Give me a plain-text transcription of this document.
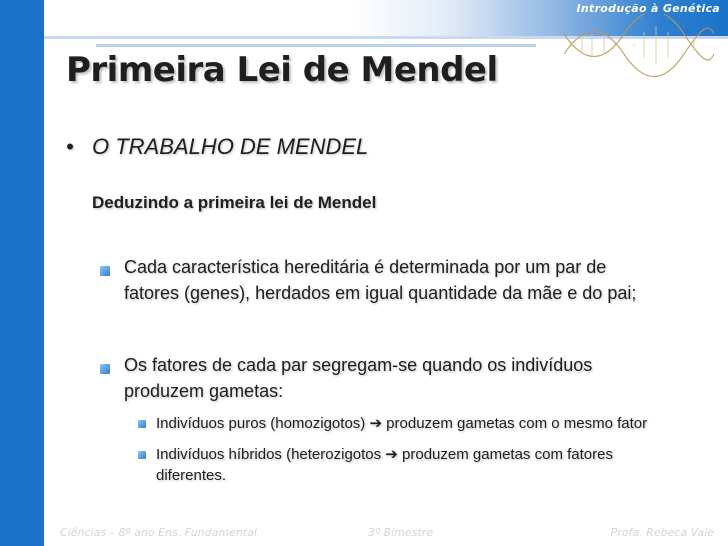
Introdução à Genética
Primeira Lei de Mendel
• O TRABALHO DE MENDEL
Deduzindo a primeira lei de Mendel
Cada característica hereditária é determinada por um par de
fatores (genes), herdados em igual quantidade da mãe e do pai;
Os fatores de cada par segregam-se quando os indivíduos
produzem gametas:
Indivíduos puros (homozigotos) ➔ produzem gametas com o mesmo fator
Indivíduos híbridos (heterozigotos ➔ produzem gametas com fatores
diferentes.
Ciências – 8º ano Ens. Fundamental	3º Bimestre	Profa. Rebeca Vale
